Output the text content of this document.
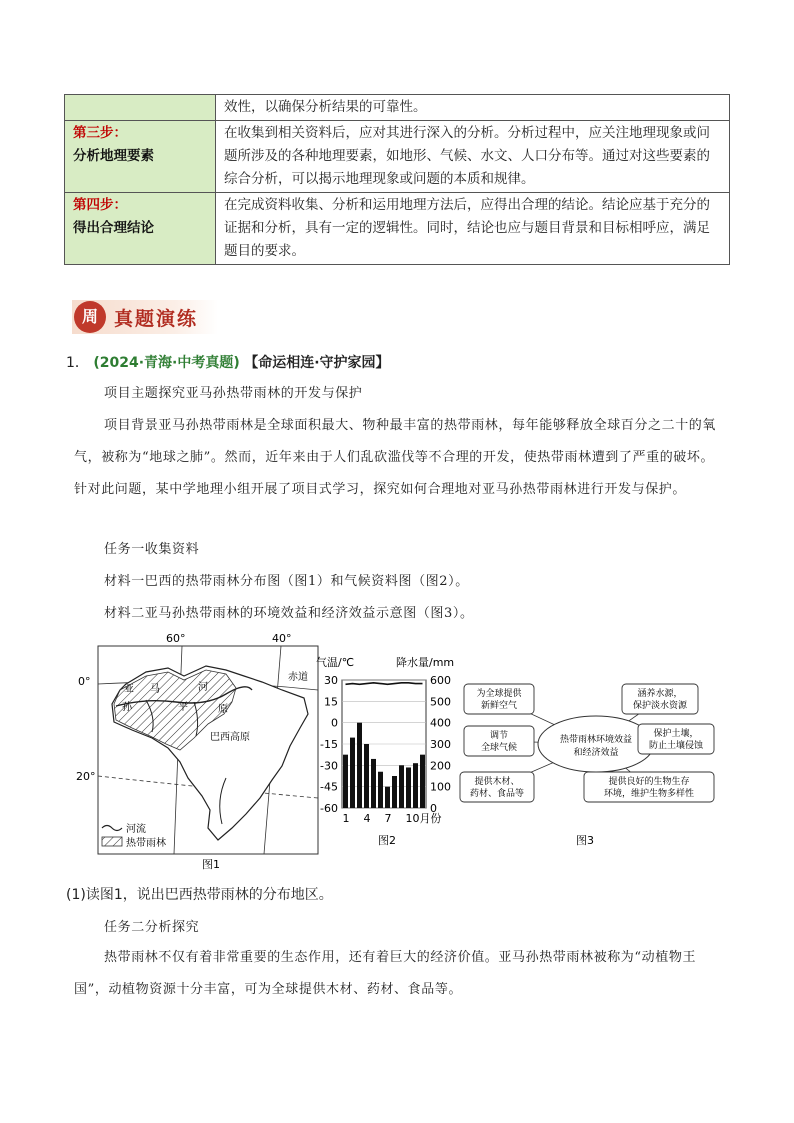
	效性，以确保分析结果的可靠性。

第三步：
分析地理要素	在收集到相关资料后，应对其进行深入的分析。分析过程中，应关注地理现象或问题所涉及的各种地理要素，如地形、气候、水文、人口分布等。通过对这些要素的综合分析，可以揭示地理现象或问题的本质和规律。

第四步：
得出合理结论	在完成资料收集、分析和运用地理方法后，应得出合理的结论。结论应基于充分的证据和分析，具有一定的逻辑性。同时，结论也应与题目背景和目标相呼应，满足题目的要求。
周 真题演练
1． (2024·青海·中考真题) 【命运相连·守护家园】
项目主题探究亚马孙热带雨林的开发与保护
项目背景亚马孙热带雨林是全球面积最大、物种最丰富的热带雨林，每年能够释放全球百分之二十的氧气，被称为“地球之肺”。然而，近年来由于人们乱砍滥伐等不合理的开发，使热带雨林遭到了严重的破坏。针对此问题，某中学地理小组开展了项目式学习，探究如何合理地对亚马孙热带雨林进行开发与保护。
任务一收集资料
材料一巴西的热带雨林分布图（图1）和气候资料图（图2）。
材料二亚马孙热带雨林的环境效益和经济效益示意图（图3）。
60°	40°
0°
20°
赤道
亚 马
孙	平	原
河
巴西高原
河流
热带雨林
图1
气温/℃	降水量/mm
30
15
0
-15
-30
-45
-60
600
500
400
300
200
100
0
1 4 7 10月份
图2
热带雨林环境效益
和经济效益
为全球提供
新鲜空气
涵养水源，
保护淡水资源
调节
全球气候
保护土壤，
防止土壤侵蚀
提供木材、
药材、食品等
提供良好的生物生存
环境，维护生物多样性
图3
(1)读图1，说出巴西热带雨林的分布地区。
任务二分析探究
热带雨林不仅有着非常重要的生态作用，还有着巨大的经济价值。亚马孙热带雨林被称为“动植物王国”，动植物资源十分丰富，可为全球提供木材、药材、食品等。
